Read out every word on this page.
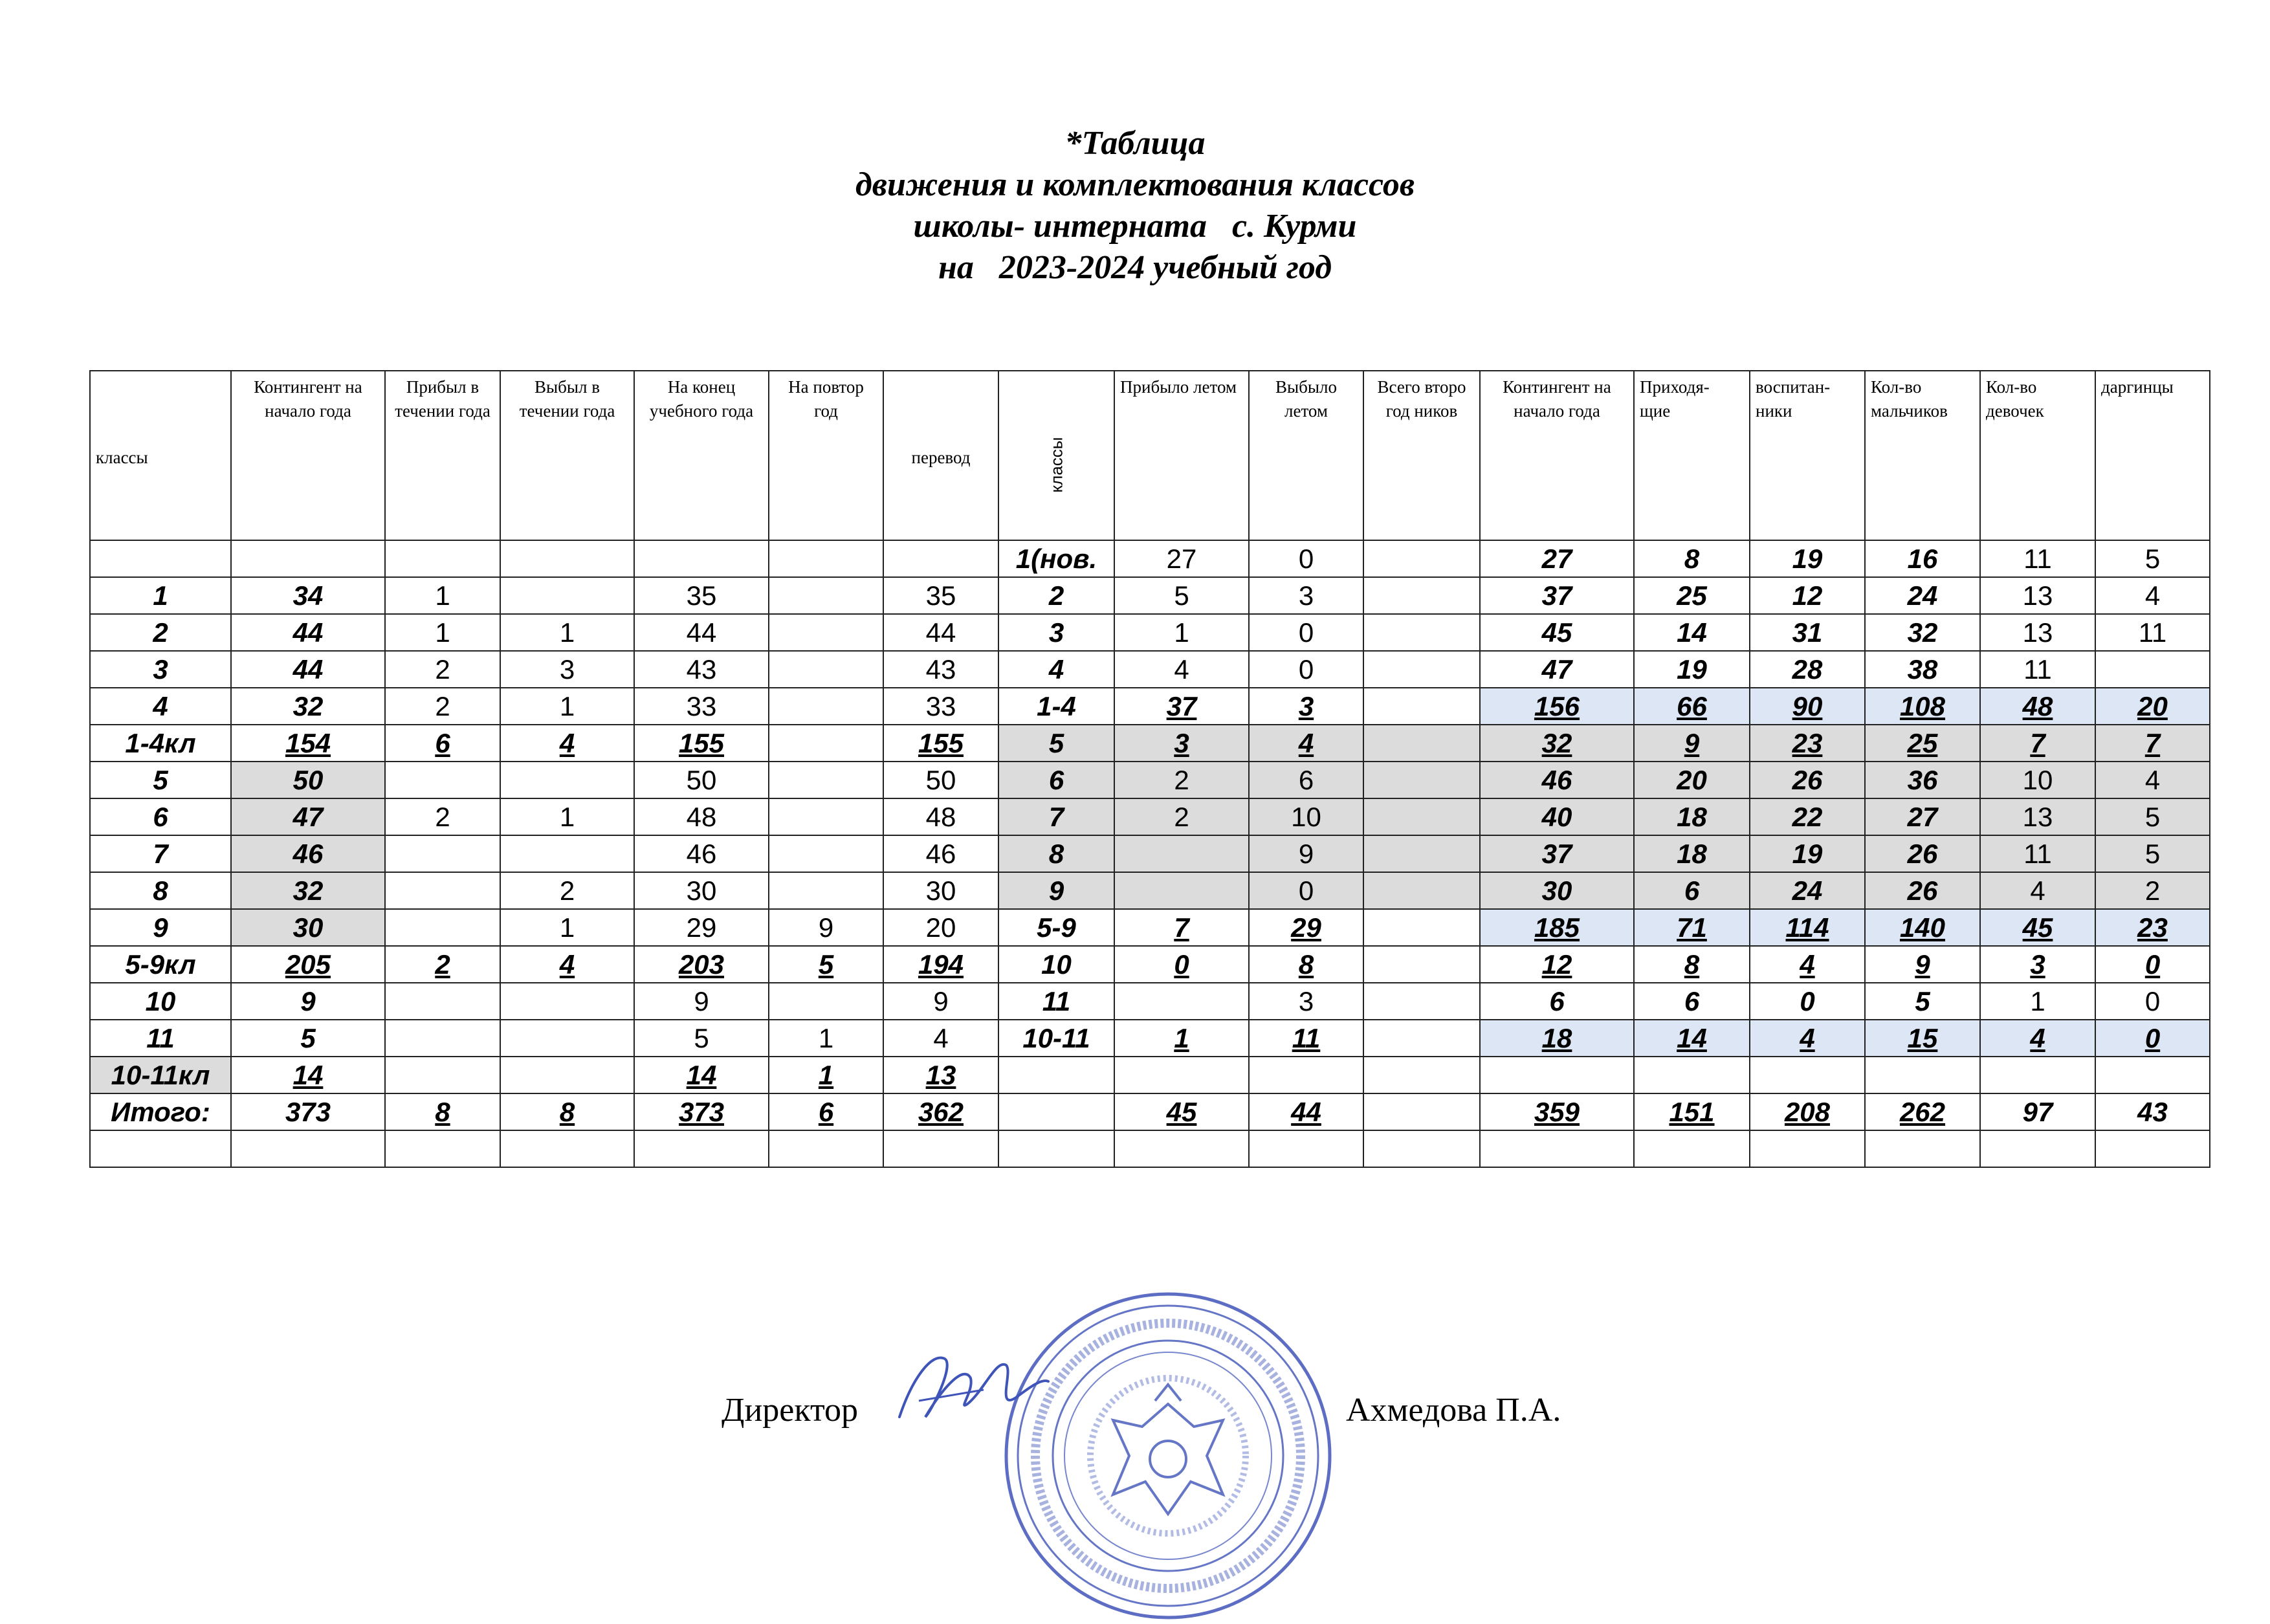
*Таблица
движения и комплектования классов
школы- интерната   с. Курми
на   2023-2024 учебный год
классы	Контингент на начало года	Прибыл в течении года	Выбыл в течении года	На конец учебного года	На повтор год	перевод	классы	Прибыло летом	Выбыло летом	Всего второ год ников	Контингент на начало года	Приходя- щие	воспитан- ники	Кол-во мальчиков	Кол-во девочек	даргинцы
							1(нов.	27	0		27	8	19	16	11	5
1	34	1		35		35	2	5	3		37	25	12	24	13	4
2	44	1	1	44		44	3	1	0		45	14	31	32	13	11
3	44	2	3	43		43	4	4	0		47	19	28	38	11	
4	32	2	1	33		33	1-4	37	3		156	66	90	108	48	20
1-4кл	154	6	4	155		155	5	3	4		32	9	23	25	7	7
5	50			50		50	6	2	6		46	20	26	36	10	4
6	47	2	1	48		48	7	2	10		40	18	22	27	13	5
7	46			46		46	8		9		37	18	19	26	11	5
8	32		2	30		30	9		0		30	6	24	26	4	2
9	30		1	29	9	20	5-9	7	29		185	71	114	140	45	23
5-9кл	205	2	4	203	5	194	10	0	8		12	8	4	9	3	0
10	9			9		9	11		3		6	6	0	5	1	0
11	5			5	1	4	10-11	1	11		18	14	4	15	4	0
10-11кл	14			14	1	13										
Итого:	373	8	8	373	6	362		45	44		359	151	208	262	97	43

Директор	Ахмедова П.А.
